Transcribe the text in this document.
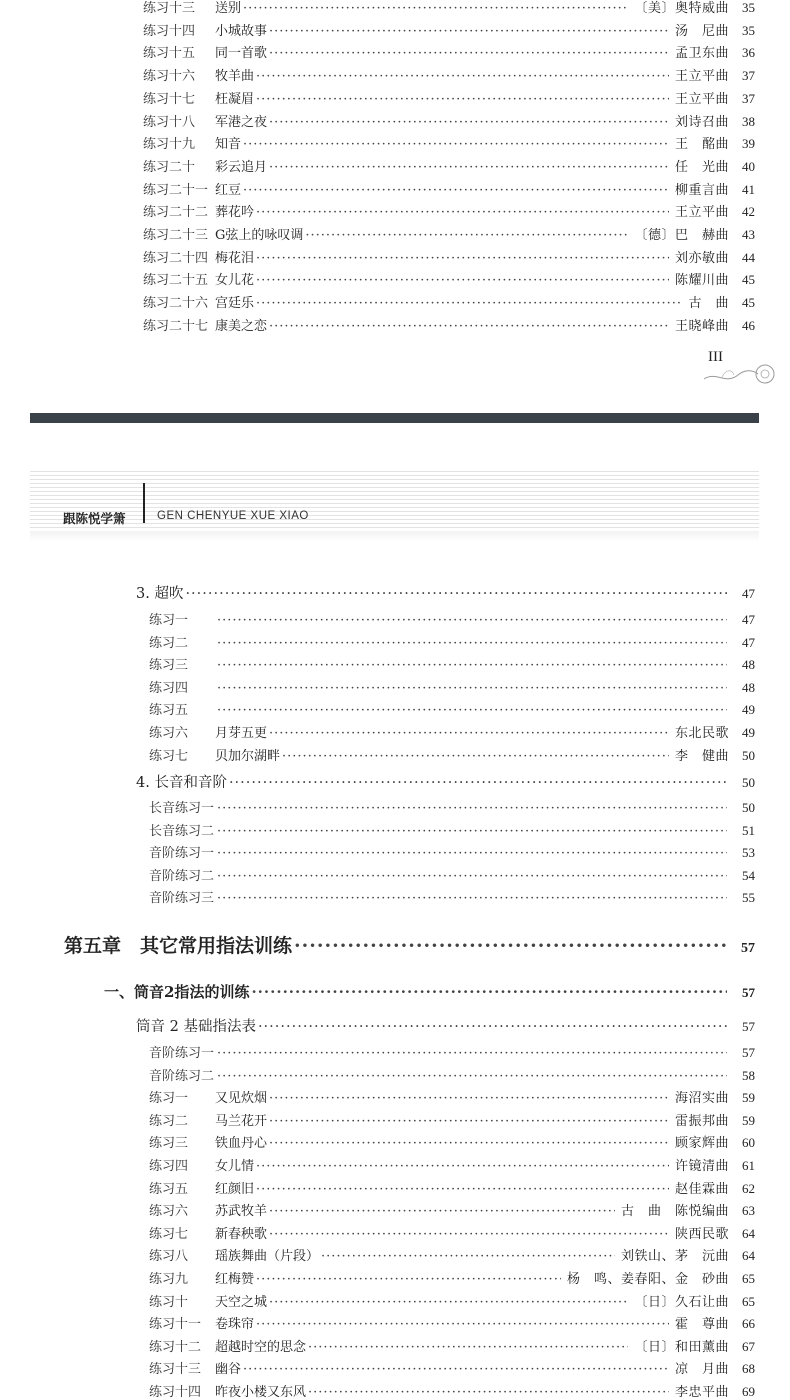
练习十三	送别 ·····	〔美〕奥特威曲	35
练习十四	小城故事 ·····	汤　尼曲	35
练习十五	同一首歌 ·····	孟卫东曲	36
练习十六	牧羊曲 ·····	王立平曲	37
练习十七	枉凝眉 ·····	王立平曲	37
练习十八	军港之夜 ·····	刘诗召曲	38
练习十九	知音 ·····	王　酩曲	39
练习二十	彩云追月 ·····	任　光曲	40
练习二十一 红豆 ·····	柳重言曲	41
练习二十二 葬花吟 ·····	王立平曲	42
练习二十三 G弦上的咏叹调 ·····	〔德〕巴　赫曲	43
练习二十四 梅花泪 ·····	刘亦敏曲	44
练习二十五 女儿花 ·····	陈耀川曲	45
练习二十六 宫廷乐 ·····	古　曲	45
练习二十七 康美之恋 ·····	王晓峰曲	46
III
跟陈悦学箫	GEN CHENYUE XUE XIAO
3. 超吹 ·····	47
练习一 ·····	47
练习二 ·····	47
练习三 ·····	48
练习四 ·····	48
练习五 ·····	49
练习六	月芽五更 ·····	东北民歌	49
练习七	贝加尔湖畔 ·····	李　健曲	50
4. 长音和音阶 ·····	50
长音练习一 ·····	50
长音练习二 ·····	51
音阶练习一 ·····	53
音阶练习二 ·····	54
音阶练习三 ·····	55
第五章　其它常用指法训练 ·····	57
一、筒音2指法的训练 ·····	57
筒音 2 基础指法表 ·····	57
音阶练习一 ·····	57
音阶练习二 ·····	58
练习一	又见炊烟 ·····	海沼实曲	59
练习二	马兰花开 ·····	雷振邦曲	59
练习三	铁血丹心 ·····	顾家辉曲	60
练习四	女儿情 ·····	许镜清曲	61
练习五	红颜旧 ·····	赵佳霖曲	62
练习六	苏武牧羊 ·····	古　曲　陈悦编曲	63
练习七	新春秧歌 ·····	陕西民歌	64
练习八	瑶族舞曲（片段） ·····	刘铁山、茅　沅曲	64
练习九	红梅赞 ·····	杨　鸣、姜春阳、金　砂曲	65
练习十	天空之城 ·····	〔日〕久石让曲	65
练习十一	卷珠帘 ·····	霍　尊曲	66
练习十二	超越时空的思念 ·····	〔日〕和田薰曲	67
练习十三	幽谷 ·····	凉　月曲	68
练习十四	昨夜小楼又东风 ·····	李忠平曲	69
